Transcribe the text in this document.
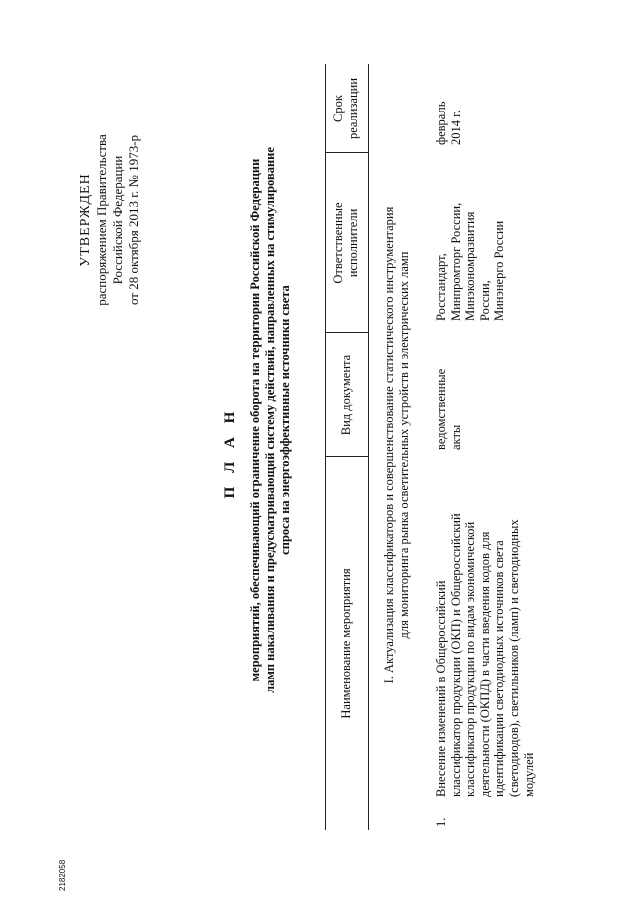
УТВЕРЖДЕН распоряжением Правительства Российской Федерации от 28 октября 2013 г. № 1973-р
П Л А Н мероприятий, обеспечивающий ограничение оборота на территории Российской Федерации ламп накаливания и предусматривающий систему действий, направленных на стимулирование спроса на энергоэффективные источники света
Наименование мероприятия
Вид документа
Ответственные исполнители
Срок реализации
I. Актуализация классификаторов и совершенствование статистического инструментария для мониторинга рынка осветительных устройств и электрических ламп
1.
Внесение изменений в Общероссийский классификатор продукции (ОКП) и Общероссийский классификатор продукции по видам экономической деятельности (ОКПД) в части введения кодов для идентификации светодиодных источников света (светодиодов), светильников (ламп) и светодиодных модулей
ведомственные акты
Росстандарт, Минпромторг России, Минэкономразвития России, Минэнерго России
февраль 2014 г.
2182058
